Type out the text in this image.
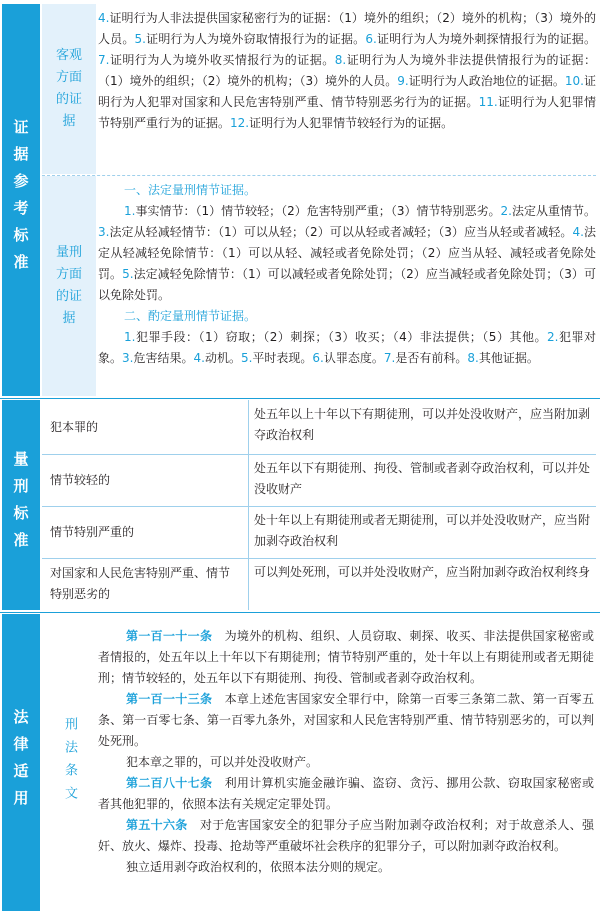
证据参考标准
客观方面的证据
4.证明行为人非法提供国家秘密行为的证据：（1）境外的组织；（2）境外的机构；（3）境外的人员。5.证明行为人为境外窃取情报行为的证据。6.证明行为人为境外刺探情报行为的证据。7.证明行为人为境外收买情报行为的证据。8.证明行为人为境外非法提供情报行为的证据：（1）境外的组织；（2）境外的机构；（3）境外的人员。9.证明行为人政治地位的证据。10.证明行为人犯罪对国家和人民危害特别严重、情节特别恶劣行为的证据。11.证明行为人犯罪情节特别严重行为的证据。12.证明行为人犯罪情节较轻行为的证据。
量刑方面的证据
一、法定量刑情节证据。
1.事实情节：（1）情节较轻；（2）危害特别严重；（3）情节特别恶劣。2.法定从重情节。3.法定从轻减轻情节：（1）可以从轻；（2）可以从轻或者减轻；（3）应当从轻或者减轻。4.法定从轻减轻免除情节：（1）可以从轻、减轻或者免除处罚；（2）应当从轻、减轻或者免除处罚。5.法定减轻免除情节：（1）可以减轻或者免除处罚；（2）应当减轻或者免除处罚；（3）可以免除处罚。
二、酌定量刑情节证据。
1.犯罪手段：（1）窃取；（2）刺探；（3）收买；（4）非法提供；（5）其他。2.犯罪对象。3.危害结果。4.动机。5.平时表现。6.认罪态度。7.是否有前科。8.其他证据。
量刑标准
犯本罪的
处五年以上十年以下有期徒刑，可以并处没收财产，应当附加剥夺政治权利
情节较轻的
处五年以下有期徒刑、拘役、管制或者剥夺政治权利，可以并处没收财产
情节特别严重的
处十年以上有期徒刑或者无期徒刑，可以并处没收财产，应当附加剥夺政治权利
对国家和人民危害特别严重、情节特别恶劣的
可以判处死刑，可以并处没收财产，应当附加剥夺政治权利终身
法律适用	刑法条文

第一百一十一条　为境外的机构、组织、人员窃取、刺探、收买、非法提供国家秘密或者情报的，处五年以上十年以下有期徒刑；情节特别严重的，处十年以上有期徒刑或者无期徒刑；情节较轻的，处五年以下有期徒刑、拘役、管制或者剥夺政治权利。

第一百一十三条　本章上述危害国家安全罪行中，除第一百零三条第二款、第一百零五条、第一百零七条、第一百零九条外，对国家和人民危害特别严重、情节特别恶劣的，可以判处死刑。

犯本章之罪的，可以并处没收财产。

第二百八十七条　利用计算机实施金融诈骗、盗窃、贪污、挪用公款、窃取国家秘密或者其他犯罪的，依照本法有关规定定罪处罚。

第五十六条　对于危害国家安全的犯罪分子应当附加剥夺政治权利；对于故意杀人、强奸、放火、爆炸、投毒、抢劫等严重破坏社会秩序的犯罪分子，可以附加剥夺政治权利。

独立适用剥夺政治权利的，依照本法分则的规定。
